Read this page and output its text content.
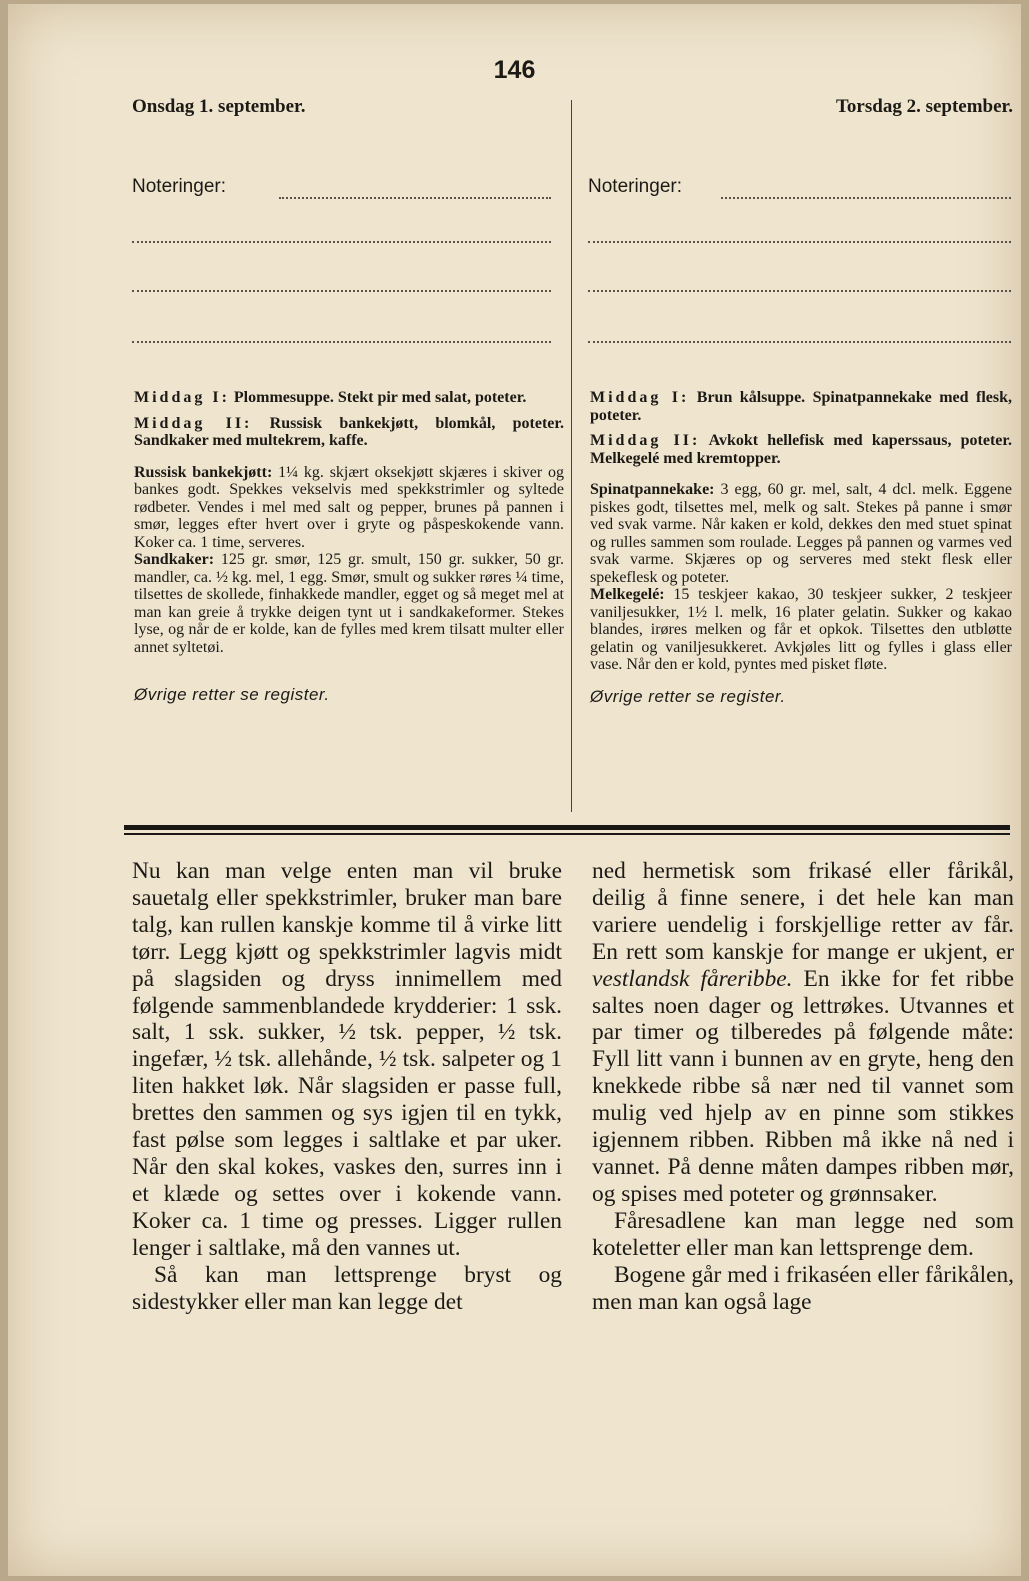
146
Onsdag 1. september.
Noteringer:

Middag I: Plommesuppe. Stekt pir med salat, poteter.

Middag II: Russisk bankekjøtt, blomkål, poteter. Sandkaker med multekrem, kaffe.

Russisk bankekjøtt: 1¼ kg. skjært oksekjøtt skjæres i skiver og bankes godt. Spekkes vekselvis med spekkstrimler og syltede rødbeter. Vendes i mel med salt og pepper, brunes på pannen i smør, legges efter hvert over i gryte og påspeskokende vann. Koker ca. 1 time, serveres.

Sandkaker: 125 gr. smør, 125 gr. smult, 150 gr. sukker, 50 gr. mandler, ca. ½ kg. mel, 1 egg. Smør, smult og sukker røres ¼ time, tilsettes de skollede, finhakkede mandler, egget og så meget mel at man kan greie å trykke deigen tynt ut i sandkakeformer. Stekes lyse, og når de er kolde, kan de fylles med krem tilsatt multer eller annet syltetøi.

Øvrige retter se register.

Torsdag 2. september.
Noteringer:

Middag I: Brun kålsuppe. Spinatpannekake med flesk, poteter.

Middag II: Avkokt hellefisk med kaperssaus, poteter. Melkegelé med kremtopper.

Spinatpannekake: 3 egg, 60 gr. mel, salt, 4 dcl. melk. Eggene piskes godt, tilsettes mel, melk og salt. Stekes på panne i smør ved svak varme. Når kaken er kold, dekkes den med stuet spinat og rulles sammen som roulade. Legges på pannen og varmes ved svak varme. Skjæres op og serveres med stekt flesk eller spekeflesk og poteter.

Melkegelé: 15 teskjeer kakao, 30 teskjeer sukker, 2 teskjeer vaniljesukker, 1½ l. melk, 16 plater gelatin. Sukker og kakao blandes, irøres melken og får et opkok. Tilsettes den utbløtte gelatin og vaniljesukkeret. Avkjøles litt og fylles i glass eller vase. Når den er kold, pyntes med pisket fløte.

Øvrige retter se register.

Nu kan man velge enten man vil bruke sauetalg eller spekkstrimler, bruker man bare talg, kan rullen kanskje komme til å virke litt tørr. Legg kjøtt og spekkstrimler lagvis midt på slagsiden og dryss innimellem med følgende sammenblandede krydderier: 1 ssk. salt, 1 ssk. sukker, ½ tsk. pepper, ½ tsk. ingefær, ½ tsk. allehånde, ½ tsk. salpeter og 1 liten hakket løk. Når slagsiden er passe full, brettes den sammen og sys igjen til en tykk, fast pølse som legges i saltlake et par uker. Når den skal kokes, vaskes den, surres inn i et klæde og settes over i kokende vann. Koker ca. 1 time og presses. Ligger rullen lenger i saltlake, må den vannes ut.

Så kan man lettsprenge bryst og sidestykker eller man kan legge det

ned hermetisk som frikasé eller fårikål, deilig å finne senere, i det hele kan man variere uendelig i forskjellige retter av får. En rett som kanskje for mange er ukjent, er vestlandsk fåreribbe. En ikke for fet ribbe saltes noen dager og lettrøkes. Utvannes et par timer og tilberedes på følgende måte: Fyll litt vann i bunnen av en gryte, heng den knekkede ribbe så nær ned til vannet som mulig ved hjelp av en pinne som stikkes igjennem ribben. Ribben må ikke nå ned i vannet. På denne måten dampes ribben mør, og spises med poteter og grønnsaker.

Fåresadlene kan man legge ned som koteletter eller man kan lettsprenge dem.

Bogene går med i frikaséen eller fårikålen, men man kan også lage
